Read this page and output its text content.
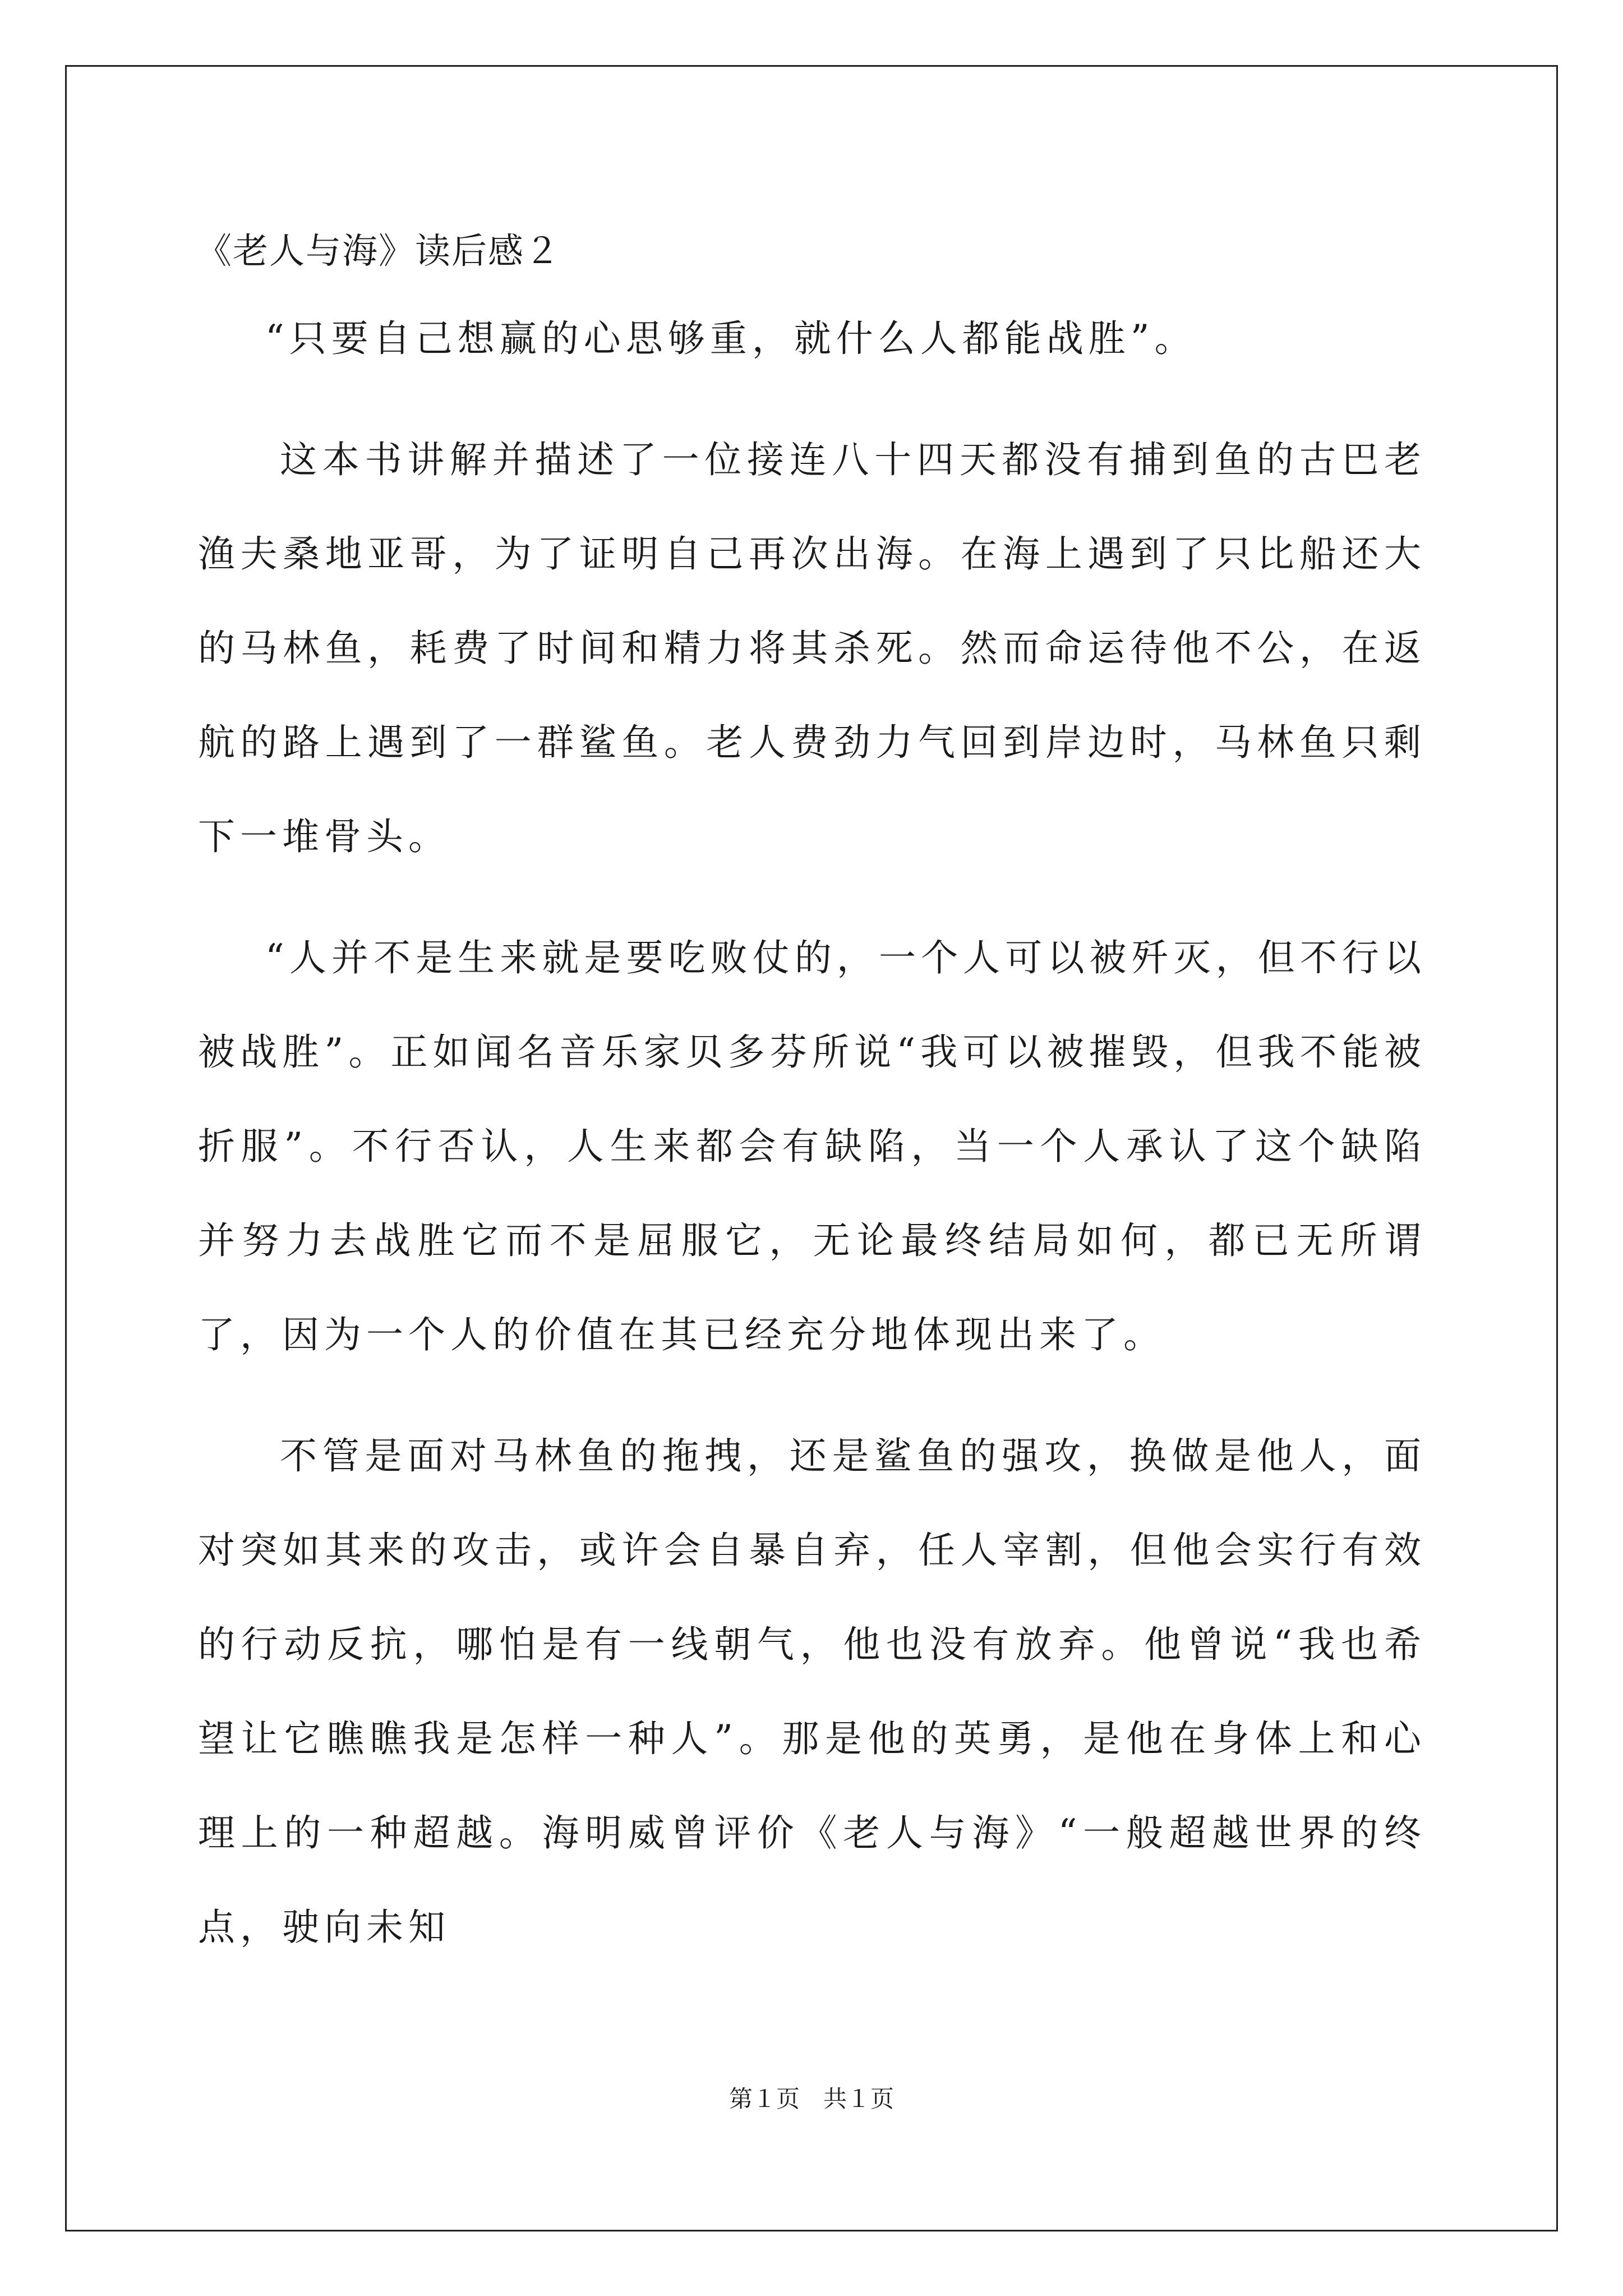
《老人与海》读后感２

“只要自己想赢的心思够重，就什么人都能战胜”。

这本书讲解并描述了一位接连八十四天都没有捕到鱼的古巴老渔夫桑地亚哥，为了证明自己再次出海。在海上遇到了只比船还大的马林鱼，耗费了时间和精力将其杀死。然而命运待他不公，在返航的路上遇到了一群鲨鱼。老人费劲力气回到岸边时，马林鱼只剩下一堆骨头。

“人并不是生来就是要吃败仗的，一个人可以被歼灭，但不行以被战胜”。正如闻名音乐家贝多芬所说“我可以被摧毁，但我不能被折服”。不行否认，人生来都会有缺陷，当一个人承认了这个缺陷并努力去战胜它而不是屈服它，无论最终结局如何，都已无所谓了，因为一个人的价值在其已经充分地体现出来了。

不管是面对马林鱼的拖拽，还是鲨鱼的强攻，换做是他人，面对突如其来的攻击，或许会自暴自弃，任人宰割，但他会实行有效的行动反抗，哪怕是有一线朝气，他也没有放弃。他曾说“我也希望让它瞧瞧我是怎样一种人”。那是他的英勇，是他在身体上和心理上的一种超越。海明威曾评价《老人与海》“一般超越世界的终点，驶向未知

第１页　共１页
